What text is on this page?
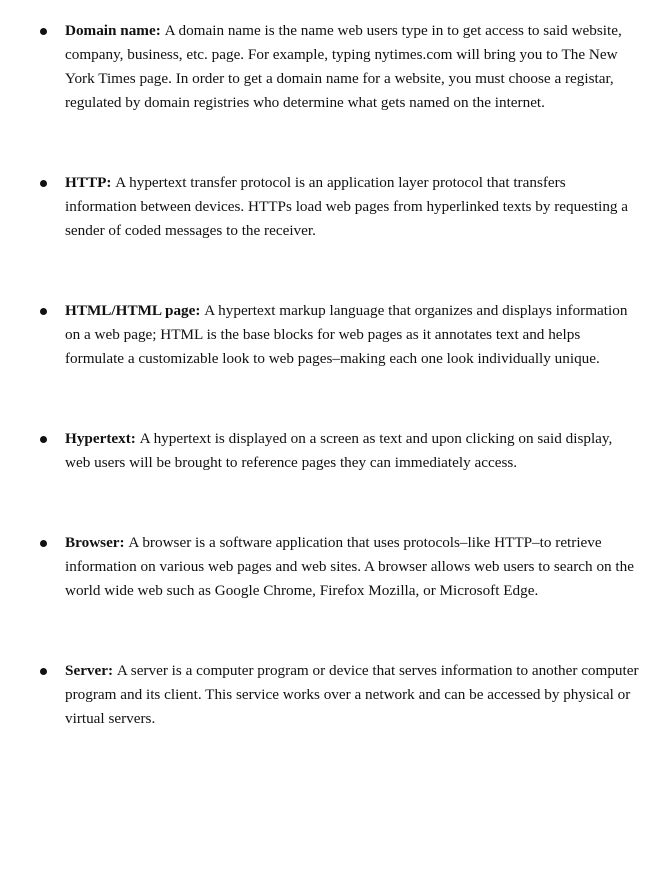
Domain name: A domain name is the name web users type in to get access to said website, company, business, etc. page. For example, typing nytimes.com will bring you to The New York Times page. In order to get a domain name for a website, you must choose a registar, regulated by domain registries who determine what gets named on the internet.
HTTP: A hypertext transfer protocol is an application layer protocol that transfers information between devices. HTTPs load web pages from hyperlinked texts by requesting a sender of coded messages to the receiver.
HTML/HTML page: A hypertext markup language that organizes and displays information on a web page; HTML is the base blocks for web pages as it annotates text and helps formulate a customizable look to web pages–making each one look individually unique.
Hypertext: A hypertext is displayed on a screen as text and upon clicking on said display, web users will be brought to reference pages they can immediately access.
Browser: A browser is a software application that uses protocols–like HTTP–to retrieve information on various web pages and web sites. A browser allows web users to search on the world wide web such as Google Chrome, Firefox Mozilla, or Microsoft Edge.
Server: A server is a computer program or device that serves information to another computer program and its client. This service works over a network and can be accessed by physical or virtual servers.
